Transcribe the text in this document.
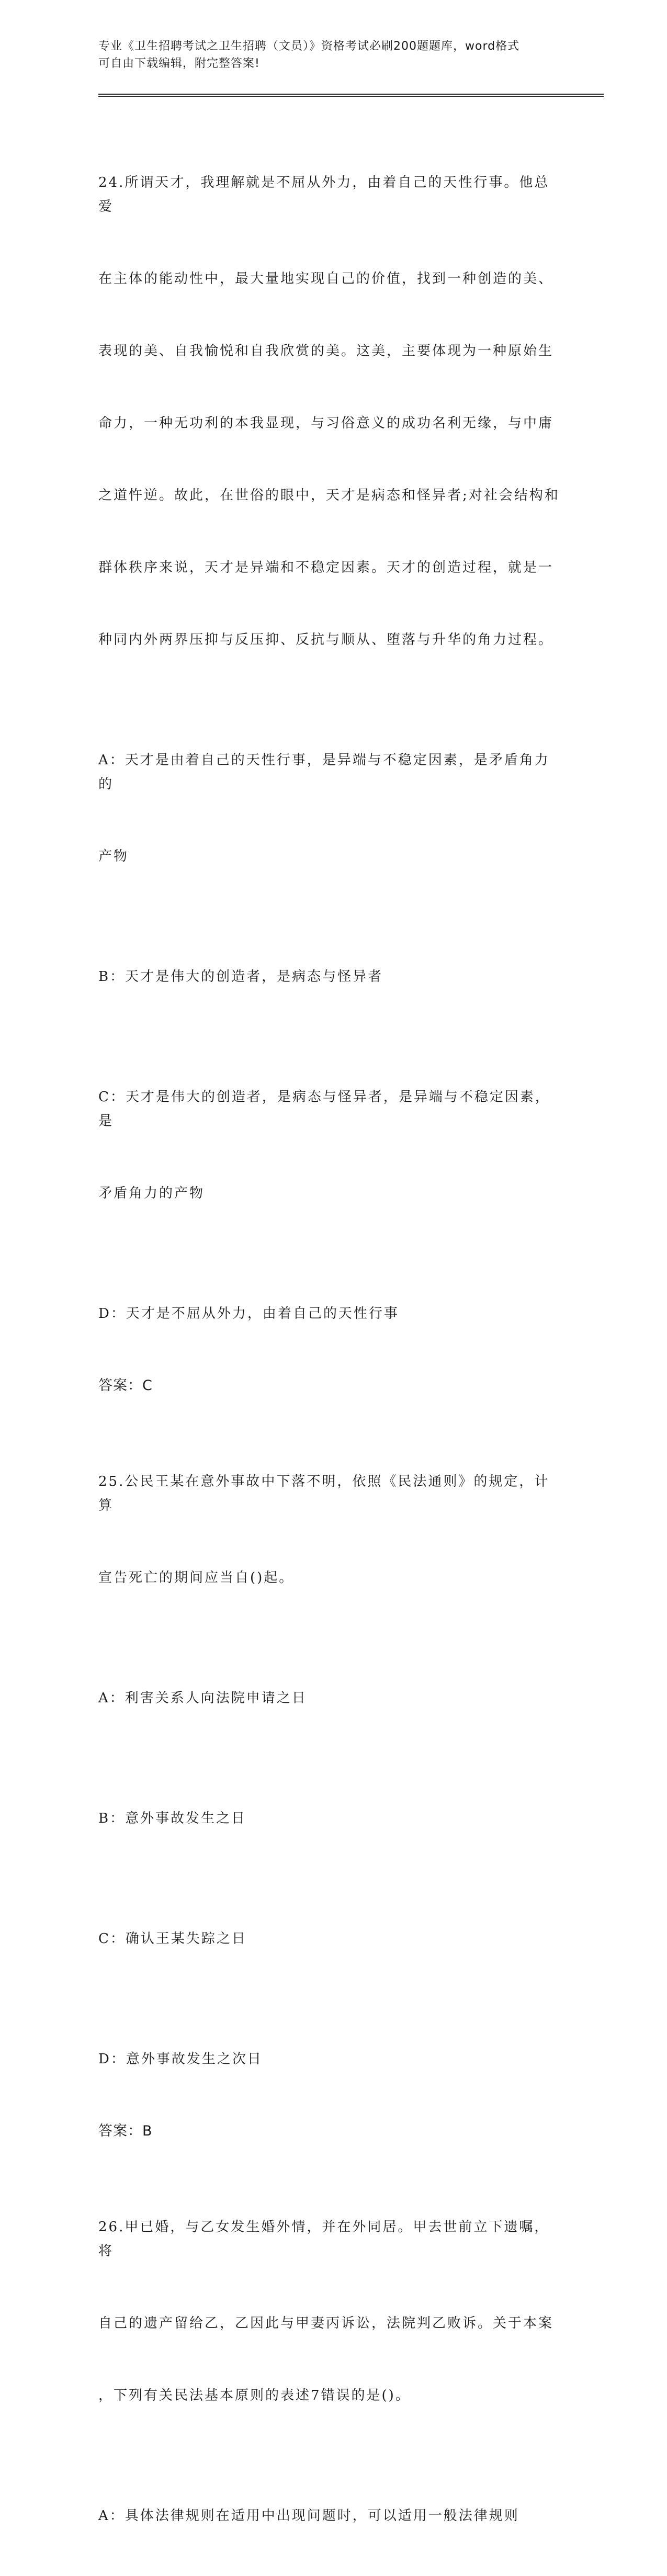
专业《卫生招聘考试之卫生招聘（文员）》资格考试必刷200题题库，word格式
可自由下载编辑，附完整答案!

24.所谓天才，我理解就是不屈从外力，由着自己的天性行事。他总爱

在主体的能动性中，最大量地实现自己的价值，找到一种创造的美、

表现的美、自我愉悦和自我欣赏的美。这美，主要体现为一种原始生

命力，一种无功利的本我显现，与习俗意义的成功名利无缘，与中庸

之道忤逆。故此，在世俗的眼中，天才是病态和怪异者;对社会结构和

群体秩序来说，天才是异端和不稳定因素。天才的创造过程，就是一

种同内外两界压抑与反压抑、反抗与顺从、堕落与升华的角力过程。

A：天才是由着自己的天性行事，是异端与不稳定因素，是矛盾角力的

产物

B：天才是伟大的创造者，是病态与怪异者

C：天才是伟大的创造者，是病态与怪异者，是异端与不稳定因素，是

矛盾角力的产物

D：天才是不屈从外力，由着自己的天性行事

答案：C

25.公民王某在意外事故中下落不明，依照《民法通则》的规定，计算

宣告死亡的期间应当自()起。

A：利害关系人向法院申请之日

B：意外事故发生之日

C：确认王某失踪之日

D：意外事故发生之次日

答案：B

26.甲已婚，与乙女发生婚外情，并在外同居。甲去世前立下遗嘱，将

自己的遗产留给乙，乙因此与甲妻丙诉讼，法院判乙败诉。关于本案

，下列有关民法基本原则的表述7错误的是()。

A：具体法律规则在适用中出现问题时，可以适用一般法律规则
